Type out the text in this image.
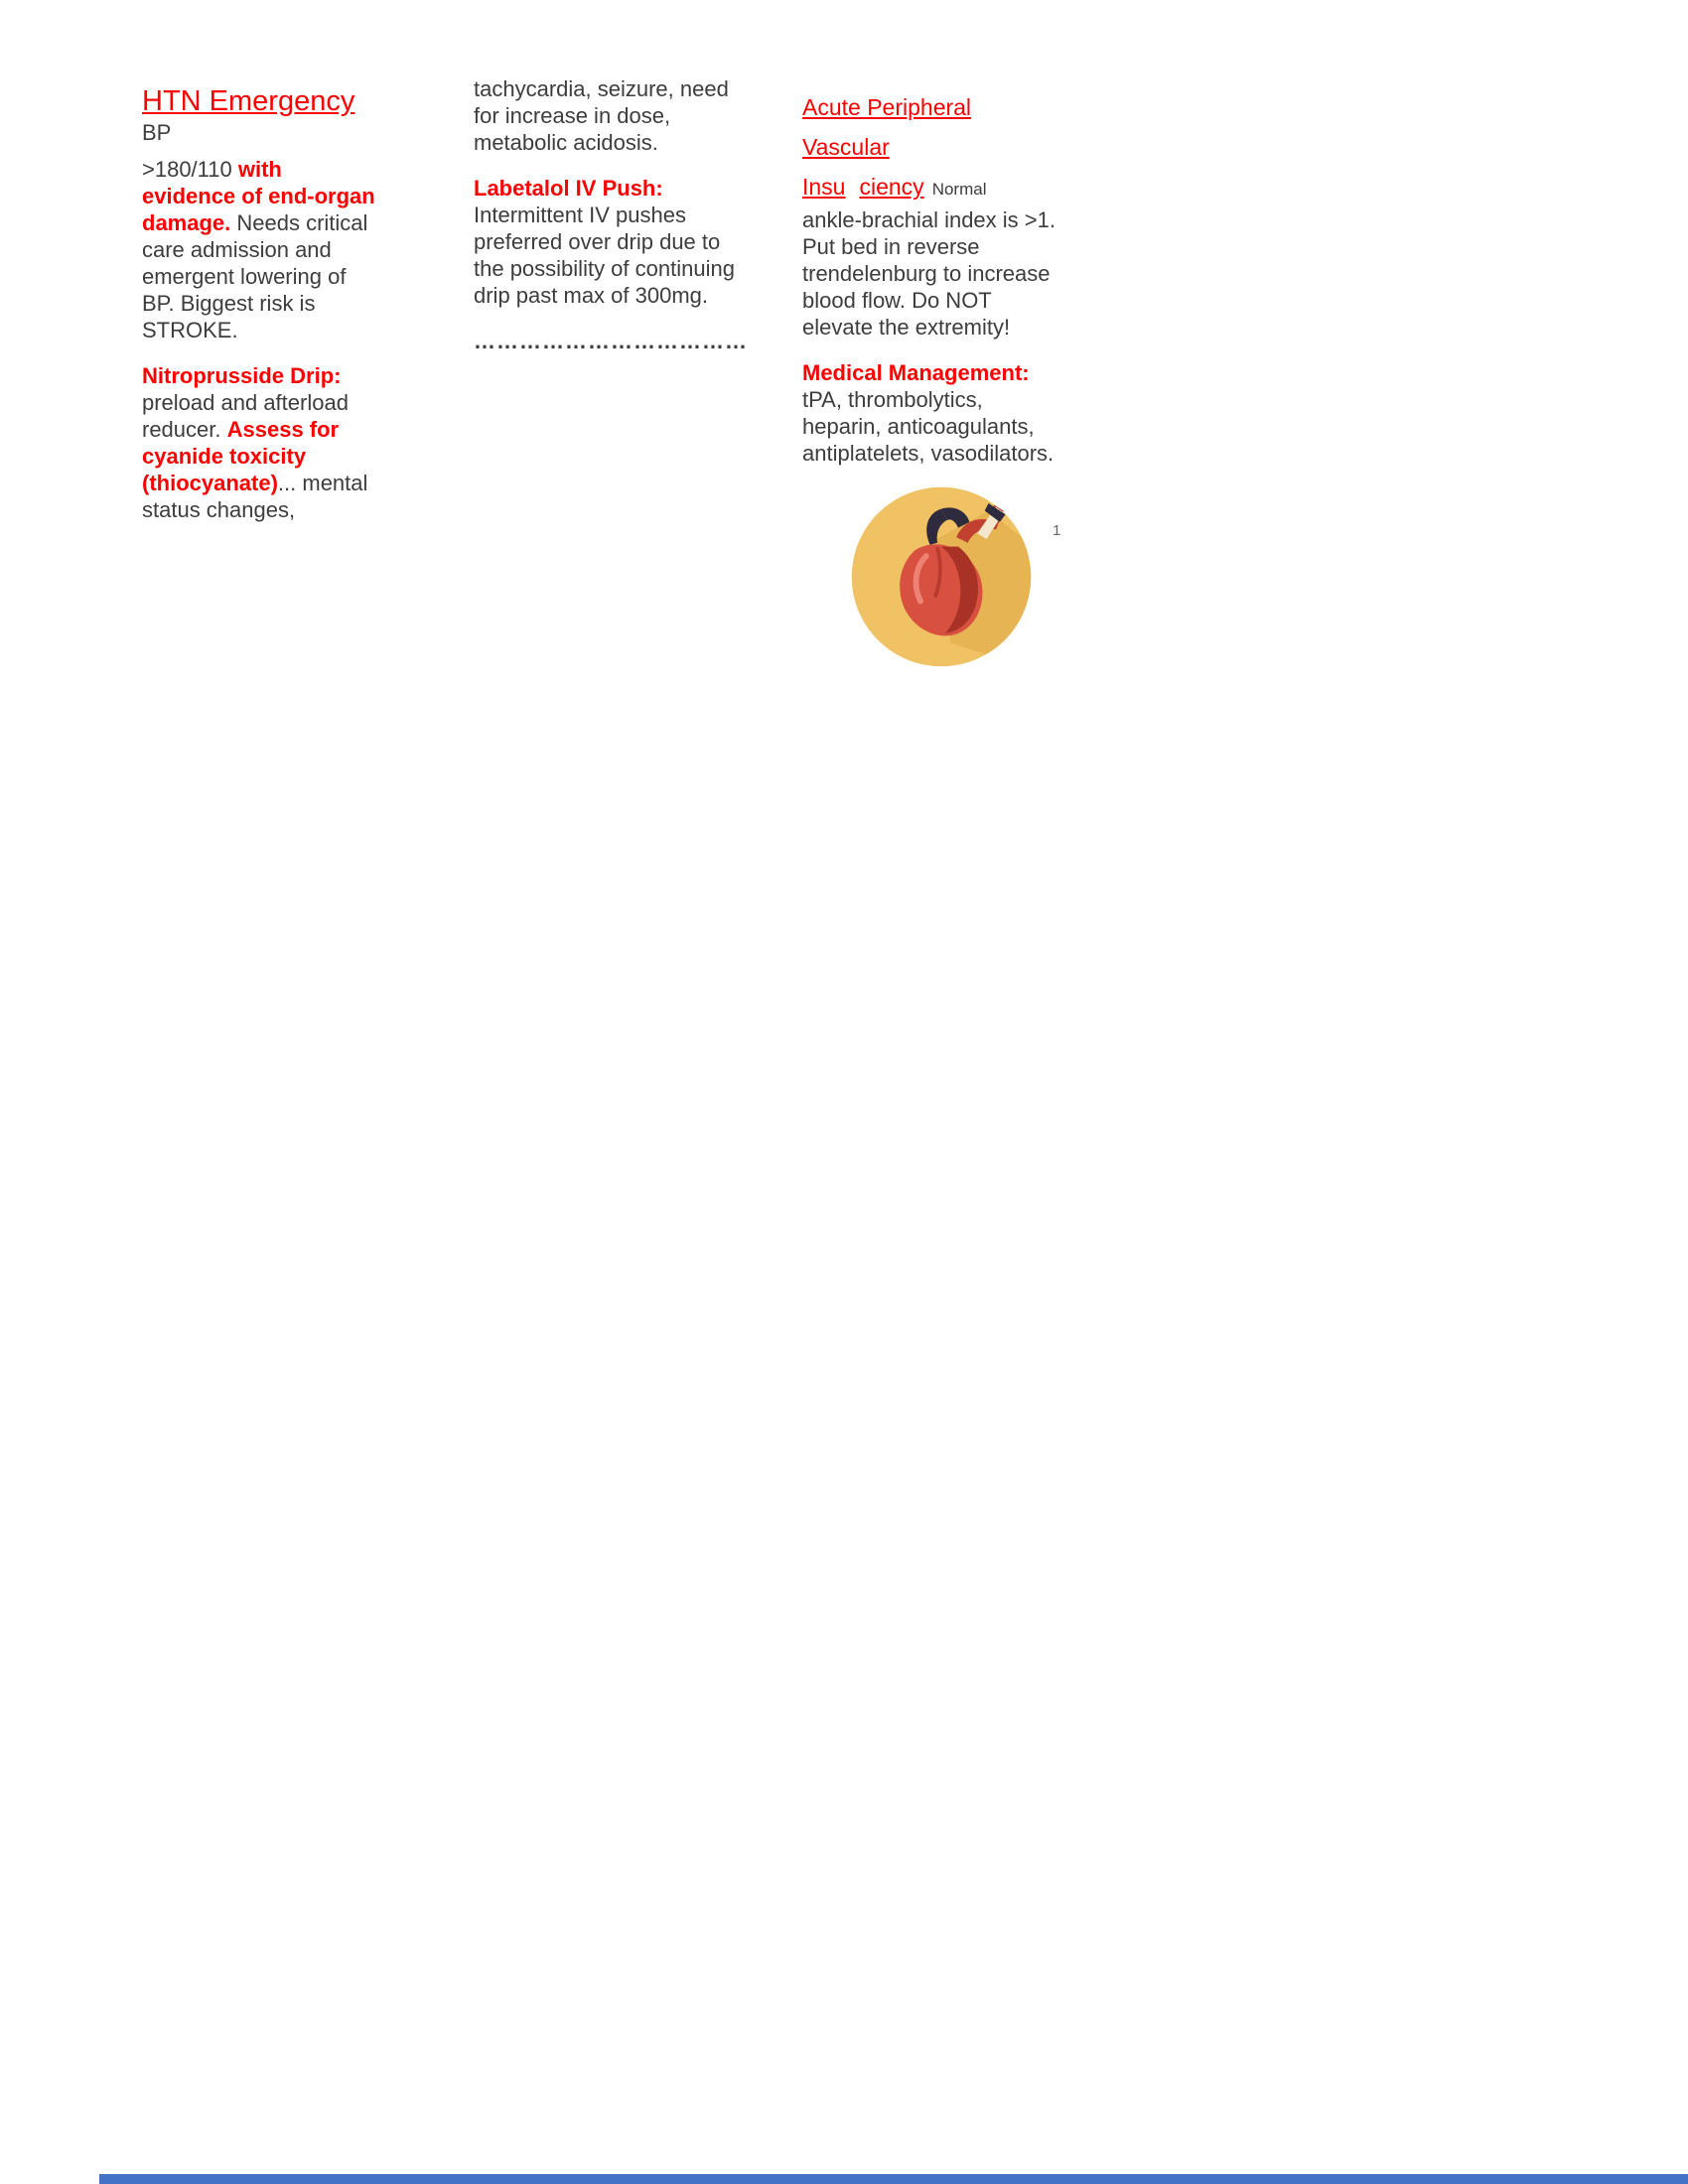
HTN Emergency BP

>180/110 with evidence of end-organ damage. Needs critical care admission and emergent lowering of BP. Biggest risk is STROKE.

Nitroprusside Drip:
preload and afterload reducer. Assess for cyanide toxicity (thiocyanate)... mental status changes,

tachycardia, seizure, need for increase in dose, metabolic acidosis.

Labetalol IV Push:
Intermittent IV pushes preferred over drip due to the possibility of continuing drip past max of 300mg.

………………………………

Acute Peripheral Vascular
Insu ciency Normal

ankle-brachial index is >1. Put bed in reverse trendelenburg to increase blood flow. Do NOT elevate the extremity!

Medical Management:
tPA, thrombolytics, heparin, anticoagulants, antiplatelets, vasodilators.

1
